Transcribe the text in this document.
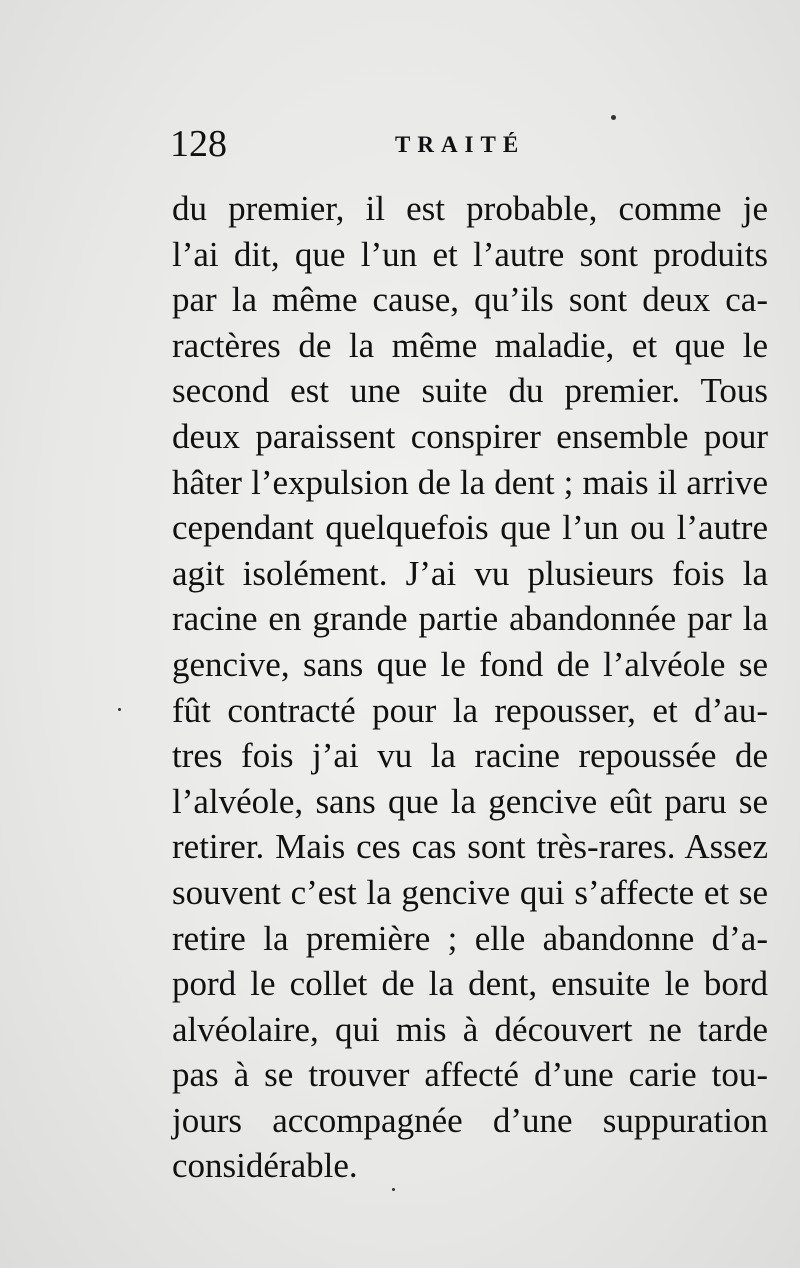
128	TRAITÉ
du premier, il est probable, comme je
l’ai dit, que l’un et l’autre sont produits
par la même cause, qu’ils sont deux ca-
ractères de la même maladie, et que le
second est une suite du premier. Tous
deux paraissent conspirer ensemble pour
hâter l’expulsion de la dent ; mais il arrive
cependant quelquefois que l’un ou l’autre
agit isolément. J’ai vu plusieurs fois la
racine en grande partie abandonnée par la
gencive, sans que le fond de l’alvéole se
fût contracté pour la repousser, et d’au-
tres fois j’ai vu la racine repoussée de
l’alvéole, sans que la gencive eût paru se
retirer. Mais ces cas sont très-rares. Assez
souvent c’est la gencive qui s’affecte et se
retire la première ; elle abandonne d’a-
pord le collet de la dent, ensuite le bord
alvéolaire, qui mis à découvert ne tarde
pas à se trouver affecté d’une carie tou-
jours accompagnée d’une suppuration
considérable.
